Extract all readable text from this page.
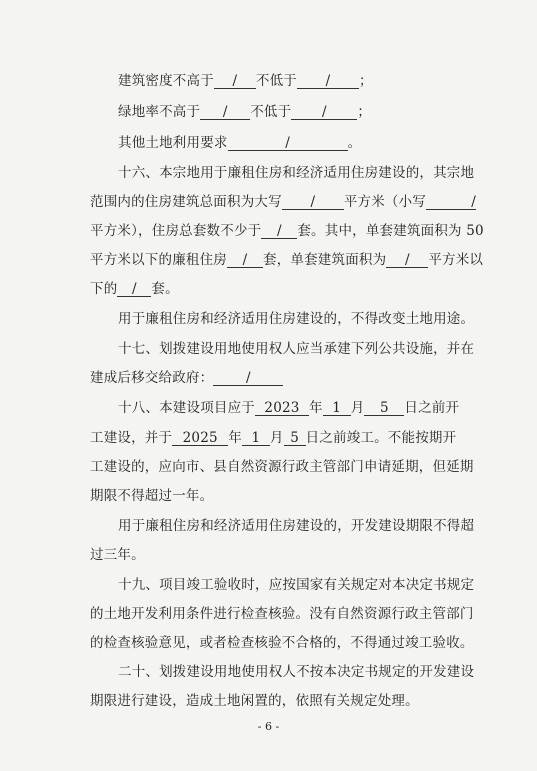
建筑密度不高于 / 不低于 / ；
绿地率不高于 / 不低于 / ；
其他土地利用要求	/	。
十六、本宗地用于廉租住房和经济适用住房建设的，其宗地
范围内的住房建筑总面积为大写 / 平方米（小写	/
平方米），住房总套数不少于 / 套。其中，单套建筑面积为 50
平方米以下的廉租住房 / 套，单套建筑面积为 / 平方米以
下的 / 套。
用于廉租住房和经济适用住房建设的，不得改变土地用途。
十七、划拨建设用地使用权人应当承建下列公共设施，并在
建成后移交给政府： /
十八、本建设项目应于 2023 年 1 月 5 日之前开
工建设，并于 2025 年 1 月 5 日之前竣工。不能按期开
工建设的，应向市、县自然资源行政主管部门申请延期，但延期
期限不得超过一年。
用于廉租住房和经济适用住房建设的，开发建设期限不得超
过三年。
十九、项目竣工验收时，应按国家有关规定对本决定书规定
的土地开发利用条件进行检查核验。没有自然资源行政主管部门
的检查核验意见，或者检查核验不合格的，不得通过竣工验收。
二十、划拨建设用地使用权人不按本决定书规定的开发建设
期限进行建设，造成土地闲置的，依照有关规定处理。
- 6 -
